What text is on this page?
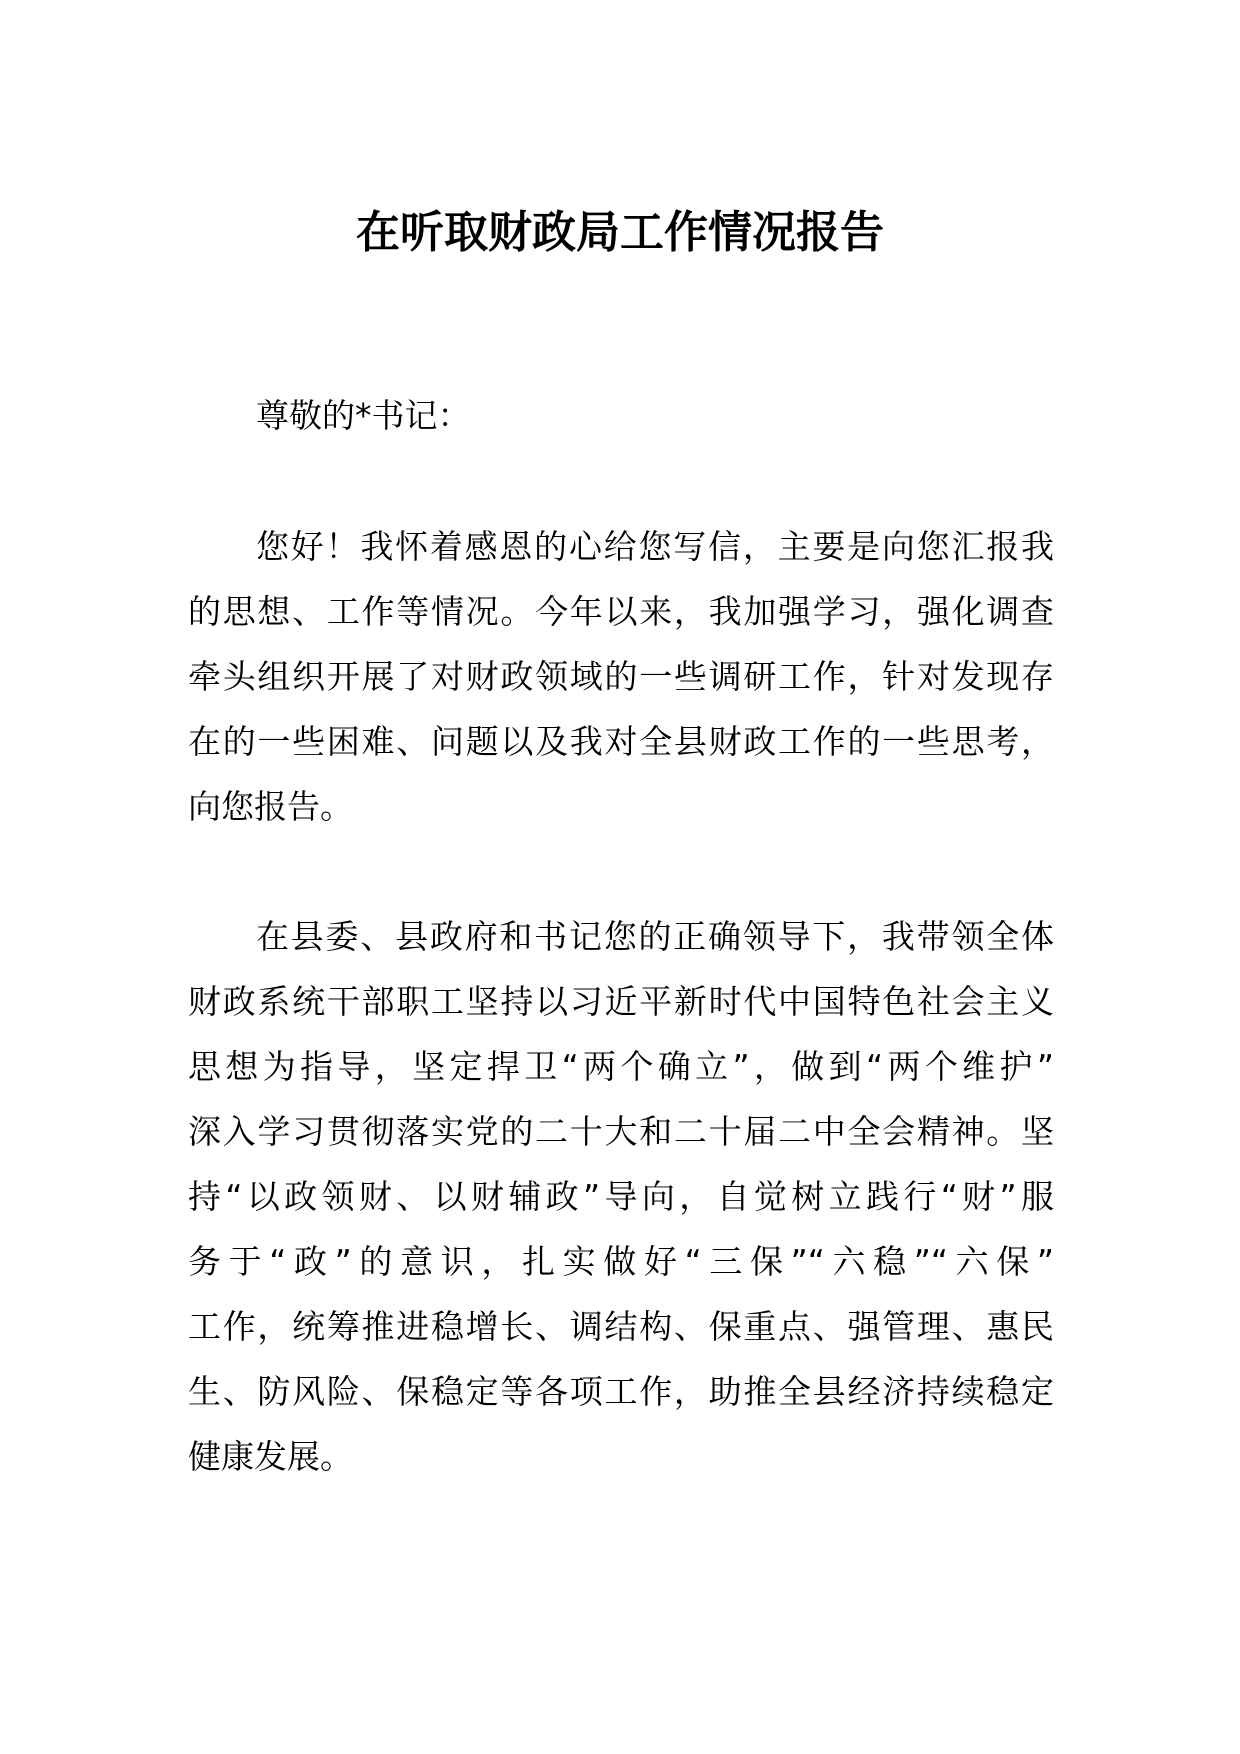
在听取财政局工作情况报告

尊敬的*书记：

您好！我怀着感恩的心给您写信，主要是向您汇报我
的思想、工作等情况。今年以来，我加强学习，强化调查
牵头组织开展了对财政领域的一些调研工作，针对发现存
在的一些困难、问题以及我对全县财政工作的一些思考，
向您报告。
在县委、县政府和书记您的正确领导下，我带领全体
财政系统干部职工坚持以习近平新时代中国特色社会主义
思想为指导，坚定捍卫“两个确立”，做到“两个维护”
深入学习贯彻落实党的二十大和二十届二中全会精神。坚
持“以政领财、以财辅政”导向，自觉树立践行“财”服
务于“政”的意识，扎实做好“三保”“六稳”“六保”
工作，统筹推进稳增长、调结构、保重点、强管理、惠民
生、防风险、保稳定等各项工作，助推全县经济持续稳定
健康发展。
